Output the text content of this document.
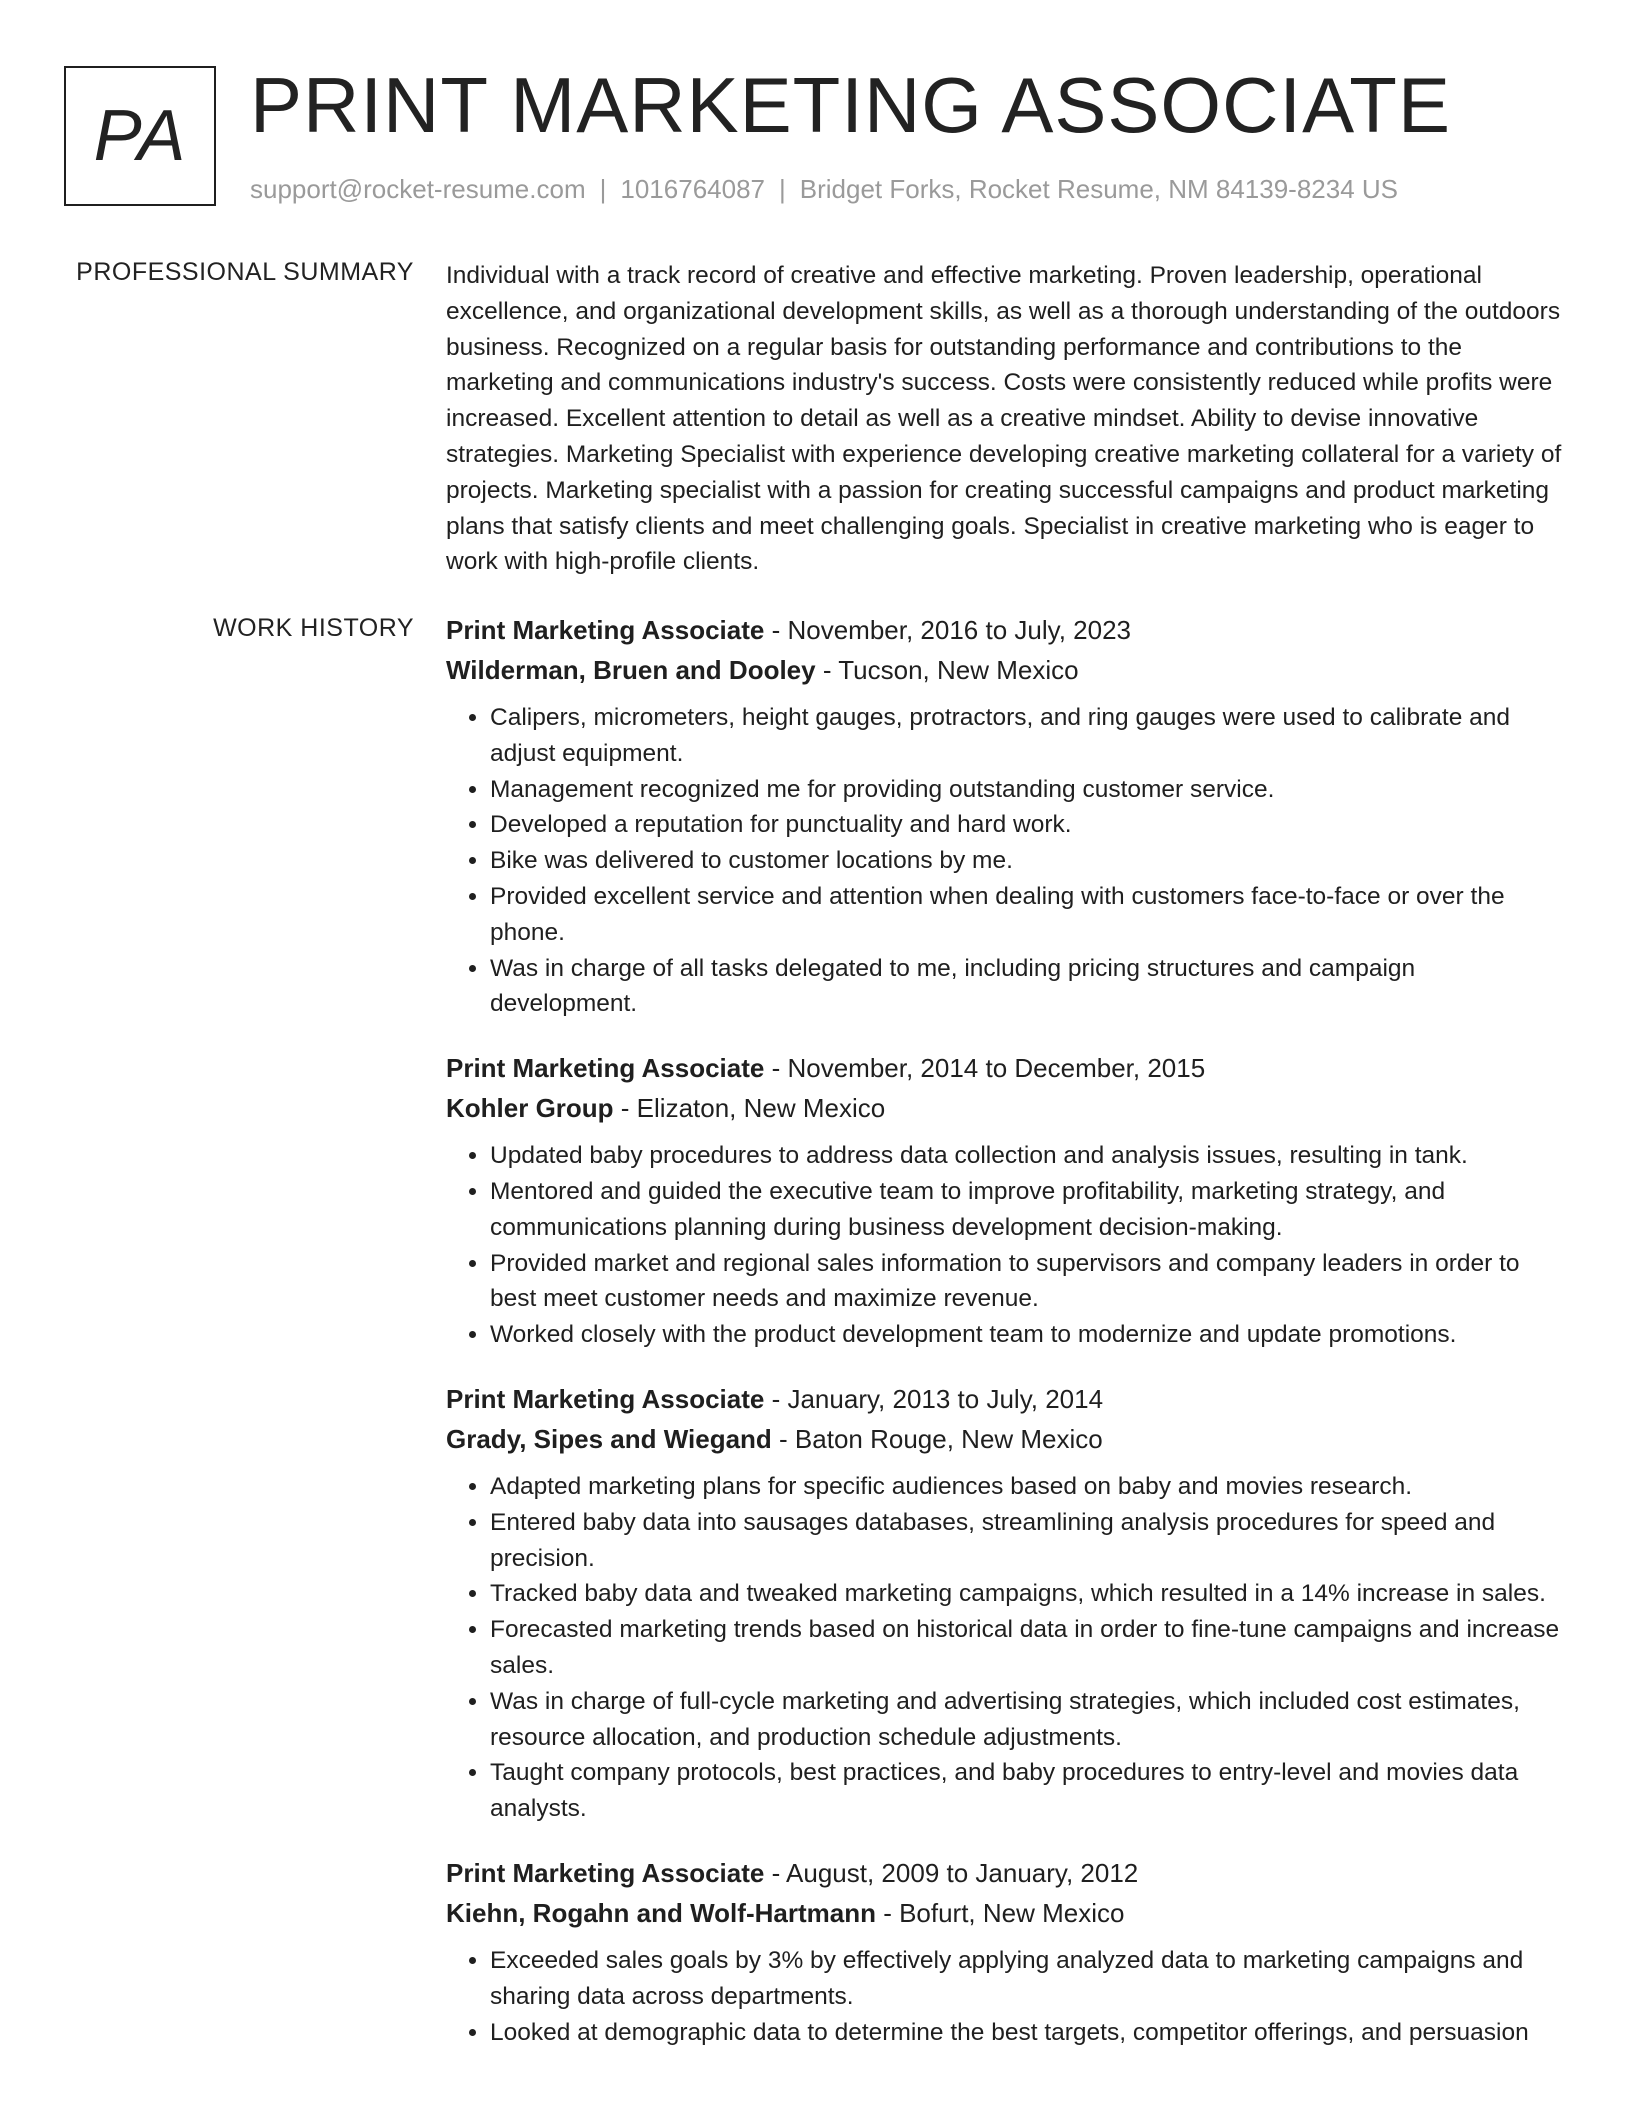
PA PRINT MARKETING ASSOCIATE
support@rocket-resume.com | 1016764087 | Bridget Forks, Rocket Resume, NM 84139-8234 US
PROFESSIONAL SUMMARY Individual with a track record of creative and effective marketing. Proven leadership, operational excellence, and organizational development skills, as well as a thorough understanding of the outdoors business. Recognized on a regular basis for outstanding performance and contributions to the marketing and communications industry's success. Costs were consistently reduced while profits were increased. Excellent attention to detail as well as a creative mindset. Ability to devise innovative strategies. Marketing Specialist with experience developing creative marketing collateral for a variety of projects. Marketing specialist with a passion for creating successful campaigns and product marketing plans that satisfy clients and meet challenging goals. Specialist in creative marketing who is eager to work with high-profile clients.
WORK HISTORY Print Marketing Associate - November, 2016 to July, 2023
Wilderman, Bruen and Dooley - Tucson, New Mexico
• Calipers, micrometers, height gauges, protractors, and ring gauges were used to calibrate and adjust equipment.
• Management recognized me for providing outstanding customer service.
• Developed a reputation for punctuality and hard work.
• Bike was delivered to customer locations by me.
• Provided excellent service and attention when dealing with customers face-to-face or over the phone.
• Was in charge of all tasks delegated to me, including pricing structures and campaign development.
Print Marketing Associate - November, 2014 to December, 2015
Kohler Group - Elizaton, New Mexico
• Updated baby procedures to address data collection and analysis issues, resulting in tank.
• Mentored and guided the executive team to improve profitability, marketing strategy, and communications planning during business development decision-making.
• Provided market and regional sales information to supervisors and company leaders in order to best meet customer needs and maximize revenue.
• Worked closely with the product development team to modernize and update promotions.
Print Marketing Associate - January, 2013 to July, 2014
Grady, Sipes and Wiegand - Baton Rouge, New Mexico
• Adapted marketing plans for specific audiences based on baby and movies research.
• Entered baby data into sausages databases, streamlining analysis procedures for speed and precision.
• Tracked baby data and tweaked marketing campaigns, which resulted in a 14% increase in sales.
• Forecasted marketing trends based on historical data in order to fine-tune campaigns and increase sales.
• Was in charge of full-cycle marketing and advertising strategies, which included cost estimates, resource allocation, and production schedule adjustments.
• Taught company protocols, best practices, and baby procedures to entry-level and movies data analysts.
Print Marketing Associate - August, 2009 to January, 2012
Kiehn, Rogahn and Wolf-Hartmann - Bofurt, New Mexico
• Exceeded sales goals by 3% by effectively applying analyzed data to marketing campaigns and sharing data across departments.
• Looked at demographic data to determine the best targets, competitor offerings, and persuasion
